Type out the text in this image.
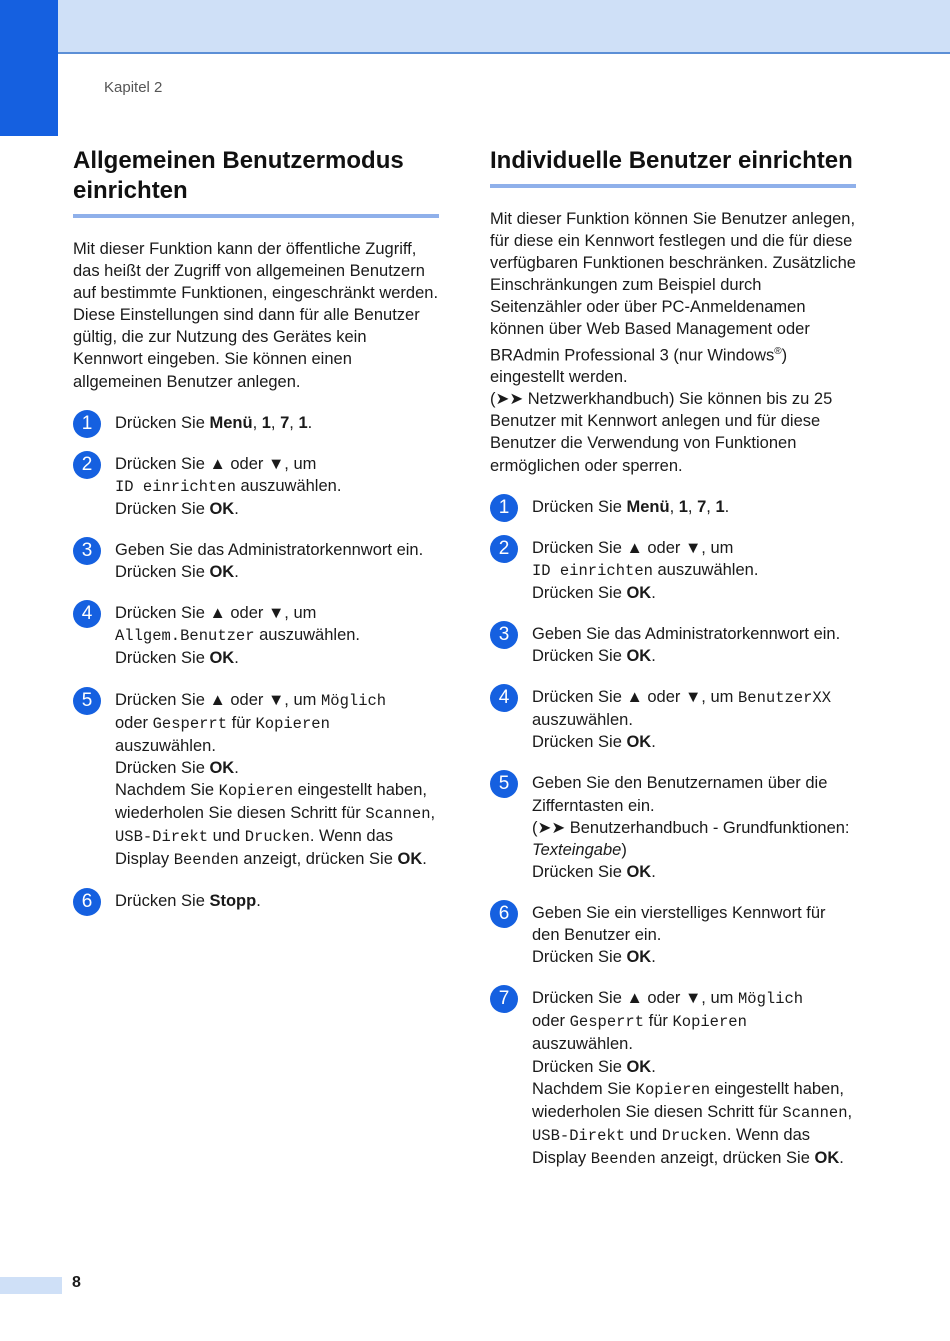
Kapitel 2
Allgemeinen Benutzermodus einrichten

Mit dieser Funktion kann der öffentliche Zugriff, das heißt der Zugriff von allgemeinen Benutzern auf bestimmte Funktionen, eingeschränkt werden. Diese Einstellungen sind dann für alle Benutzer gültig, die zur Nutzung des Gerätes kein Kennwort eingeben. Sie können einen allgemeinen Benutzer anlegen.

1	Drücken Sie Menü, 1, 7, 1.
2	Drücken Sie ▲ oder ▼, um
ID einrichten auszuwählen.
Drücken Sie OK.
3	Geben Sie das Administratorkennwort ein.
Drücken Sie OK.
4	Drücken Sie ▲ oder ▼, um
Allgem.Benutzer auszuwählen.
Drücken Sie OK.
5	Drücken Sie ▲ oder ▼, um Möglich
oder Gesperrt für Kopieren
auszuwählen.
Drücken Sie OK.
Nachdem Sie Kopieren eingestellt haben, wiederholen Sie diesen Schritt für Scannen, USB-Direkt und Drucken. Wenn das Display Beenden anzeigt, drücken Sie OK.
6	Drücken Sie Stopp.
Individuelle Benutzer einrichten

Mit dieser Funktion können Sie Benutzer anlegen, für diese ein Kennwort festlegen und die für diese verfügbaren Funktionen beschränken. Zusätzliche Einschränkungen zum Beispiel durch Seitenzähler oder über PC-Anmeldenamen können über Web Based Management oder BRAdmin Professional 3 (nur Windows®) eingestellt werden.
(➤➤ Netzwerkhandbuch) Sie können bis zu 25 Benutzer mit Kennwort anlegen und für diese Benutzer die Verwendung von Funktionen ermöglichen oder sperren.

1	Drücken Sie Menü, 1, 7, 1.
2	Drücken Sie ▲ oder ▼, um
ID einrichten auszuwählen.
Drücken Sie OK.
3	Geben Sie das Administratorkennwort ein.
Drücken Sie OK.
4	Drücken Sie ▲ oder ▼, um BenutzerXX
auszuwählen.
Drücken Sie OK.
5	Geben Sie den Benutzernamen über die Zifferntasten ein.
(➤➤ Benutzerhandbuch - Grundfunktionen: Texteingabe)
Drücken Sie OK.
6	Geben Sie ein vierstelliges Kennwort für den Benutzer ein.
Drücken Sie OK.
7	Drücken Sie ▲ oder ▼, um Möglich
oder Gesperrt für Kopieren
auszuwählen.
Drücken Sie OK.
Nachdem Sie Kopieren eingestellt haben, wiederholen Sie diesen Schritt für Scannen, USB-Direkt und Drucken. Wenn das Display Beenden anzeigt, drücken Sie OK.
8
